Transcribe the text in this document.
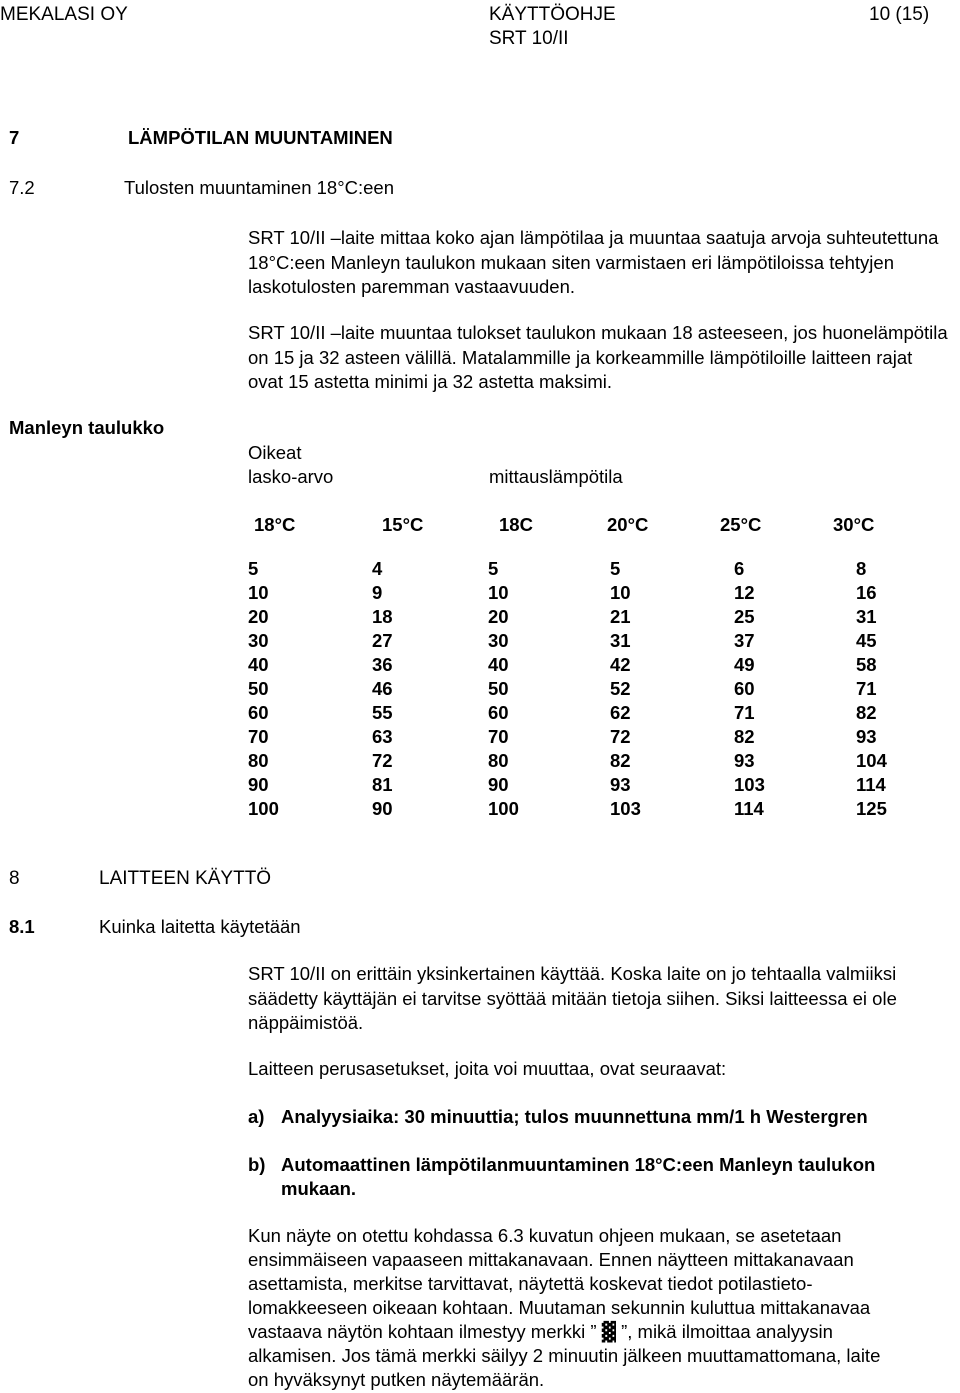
MEKALASI OY	KÄYTTÖOHJE
SRT 10/II
10 (15)
7	LÄMPÖTILAN MUUNTAMINEN
7.2	Tulosten muuntaminen 18°C:een

SRT 10/II –laite mittaa koko ajan lämpötilaa ja muuntaa saatuja arvoja suhteutettuna 18°C:een Manleyn taulukon mukaan siten varmistaen eri lämpötiloissa tehtyjen laskotulosten paremman vastaavuuden.

SRT 10/II –laite muuntaa tulokset taulukon mukaan 18 asteeseen, jos huonelämpötila on 15 ja 32 asteen välillä. Matalammille ja korkeammille lämpötiloille laitteen rajat ovat 15 astetta minimi ja 32 astetta maksimi.

Manleyn taulukko
Oikeat
lasko-arvo	mittauslämpötila
18°C	15°C	18C	20°C	25°C	30°C
5	4	5	5	6	8
10	9	10	10	12	16
20	18	20	21	25	31
30	27	30	31	37	45
40	36	40	42	49	58
50	46	50	52	60	71
60	55	60	62	71	82
70	63	70	72	82	93
80	72	80	82	93	104
90	81	90	93	103	114
100	90	100	103	114	125
8	LAITTEEN KÄYTTÖ
8.1	Kuinka laitetta käytetään

SRT 10/II on erittäin yksinkertainen käyttää. Koska laite on jo tehtaalla valmiiksi säädetty käyttäjän ei tarvitse syöttää mitään tietoja siihen. Siksi laitteessa ei ole näppäimistöä.

Laitteen perusasetukset, joita voi muuttaa, ovat seuraavat:
a) Analyysiaika: 30 minuuttia; tulos muunnettuna mm/1 h Westergren
b) Automaattinen lämpötilanmuuntaminen 18°C:een Manleyn taulukon
mukaan.
Kun näyte on otettu kohdassa 6.3 kuvatun ohjeen mukaan, se asetetaan
ensimmäiseen vapaaseen mittakanavaan. Ennen näytteen mittakanavaan
asettamista, merkitse tarvittavat, näytettä koskevat tiedot potilastieto-
lomakkeeseen oikeaan kohtaan. Muutaman sekunnin kuluttua mittakanavaa
vastaava näytön kohtaan ilmestyy merkki ” ▓ ”, mikä ilmoittaa analyysin
alkamisen. Jos tämä merkki säilyy 2 minuutin jälkeen muuttamattomana, laite
on hyväksynyt putken näytemäärän.
